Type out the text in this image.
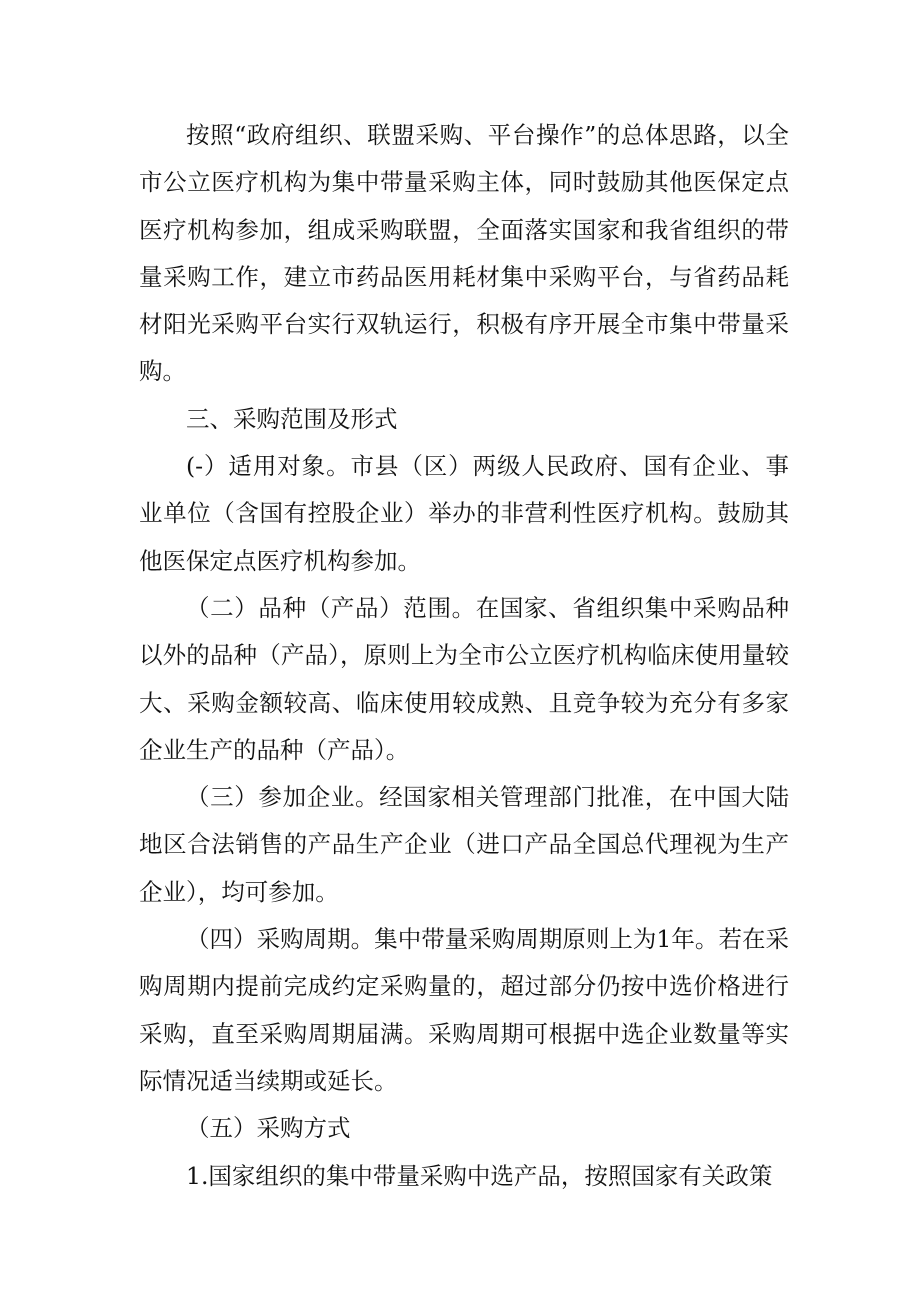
按照“政府组织、联盟采购、平台操作”的总体思路，以全市公立医疗机构为集中带量采购主体，同时鼓励其他医保定点医疗机构参加，组成采购联盟，全面落实国家和我省组织的带量采购工作，建立市药品医用耗材集中采购平台，与省药品耗材阳光采购平台实行双轨运行，积极有序开展全市集中带量采购。

三、采购范围及形式

(-）适用对象。市县（区）两级人民政府、国有企业、事业单位（含国有控股企业）举办的非营利性医疗机构。鼓励其他医保定点医疗机构参加。

（二）品种（产品）范围。在国家、省组织集中采购品种以外的品种（产品），原则上为全市公立医疗机构临床使用量较大、采购金额较高、临床使用较成熟、且竞争较为充分有多家企业生产的品种（产品）。

（三）参加企业。经国家相关管理部门批准，在中国大陆地区合法销售的产品生产企业（进口产品全国总代理视为生产企业），均可参加。

（四）采购周期。集中带量采购周期原则上为1年。若在采购周期内提前完成约定采购量的，超过部分仍按中选价格进行采购，直至采购周期届满。采购周期可根据中选企业数量等实际情况适当续期或延长。

（五）采购方式

1.国家组织的集中带量采购中选产品，按照国家有关政策
